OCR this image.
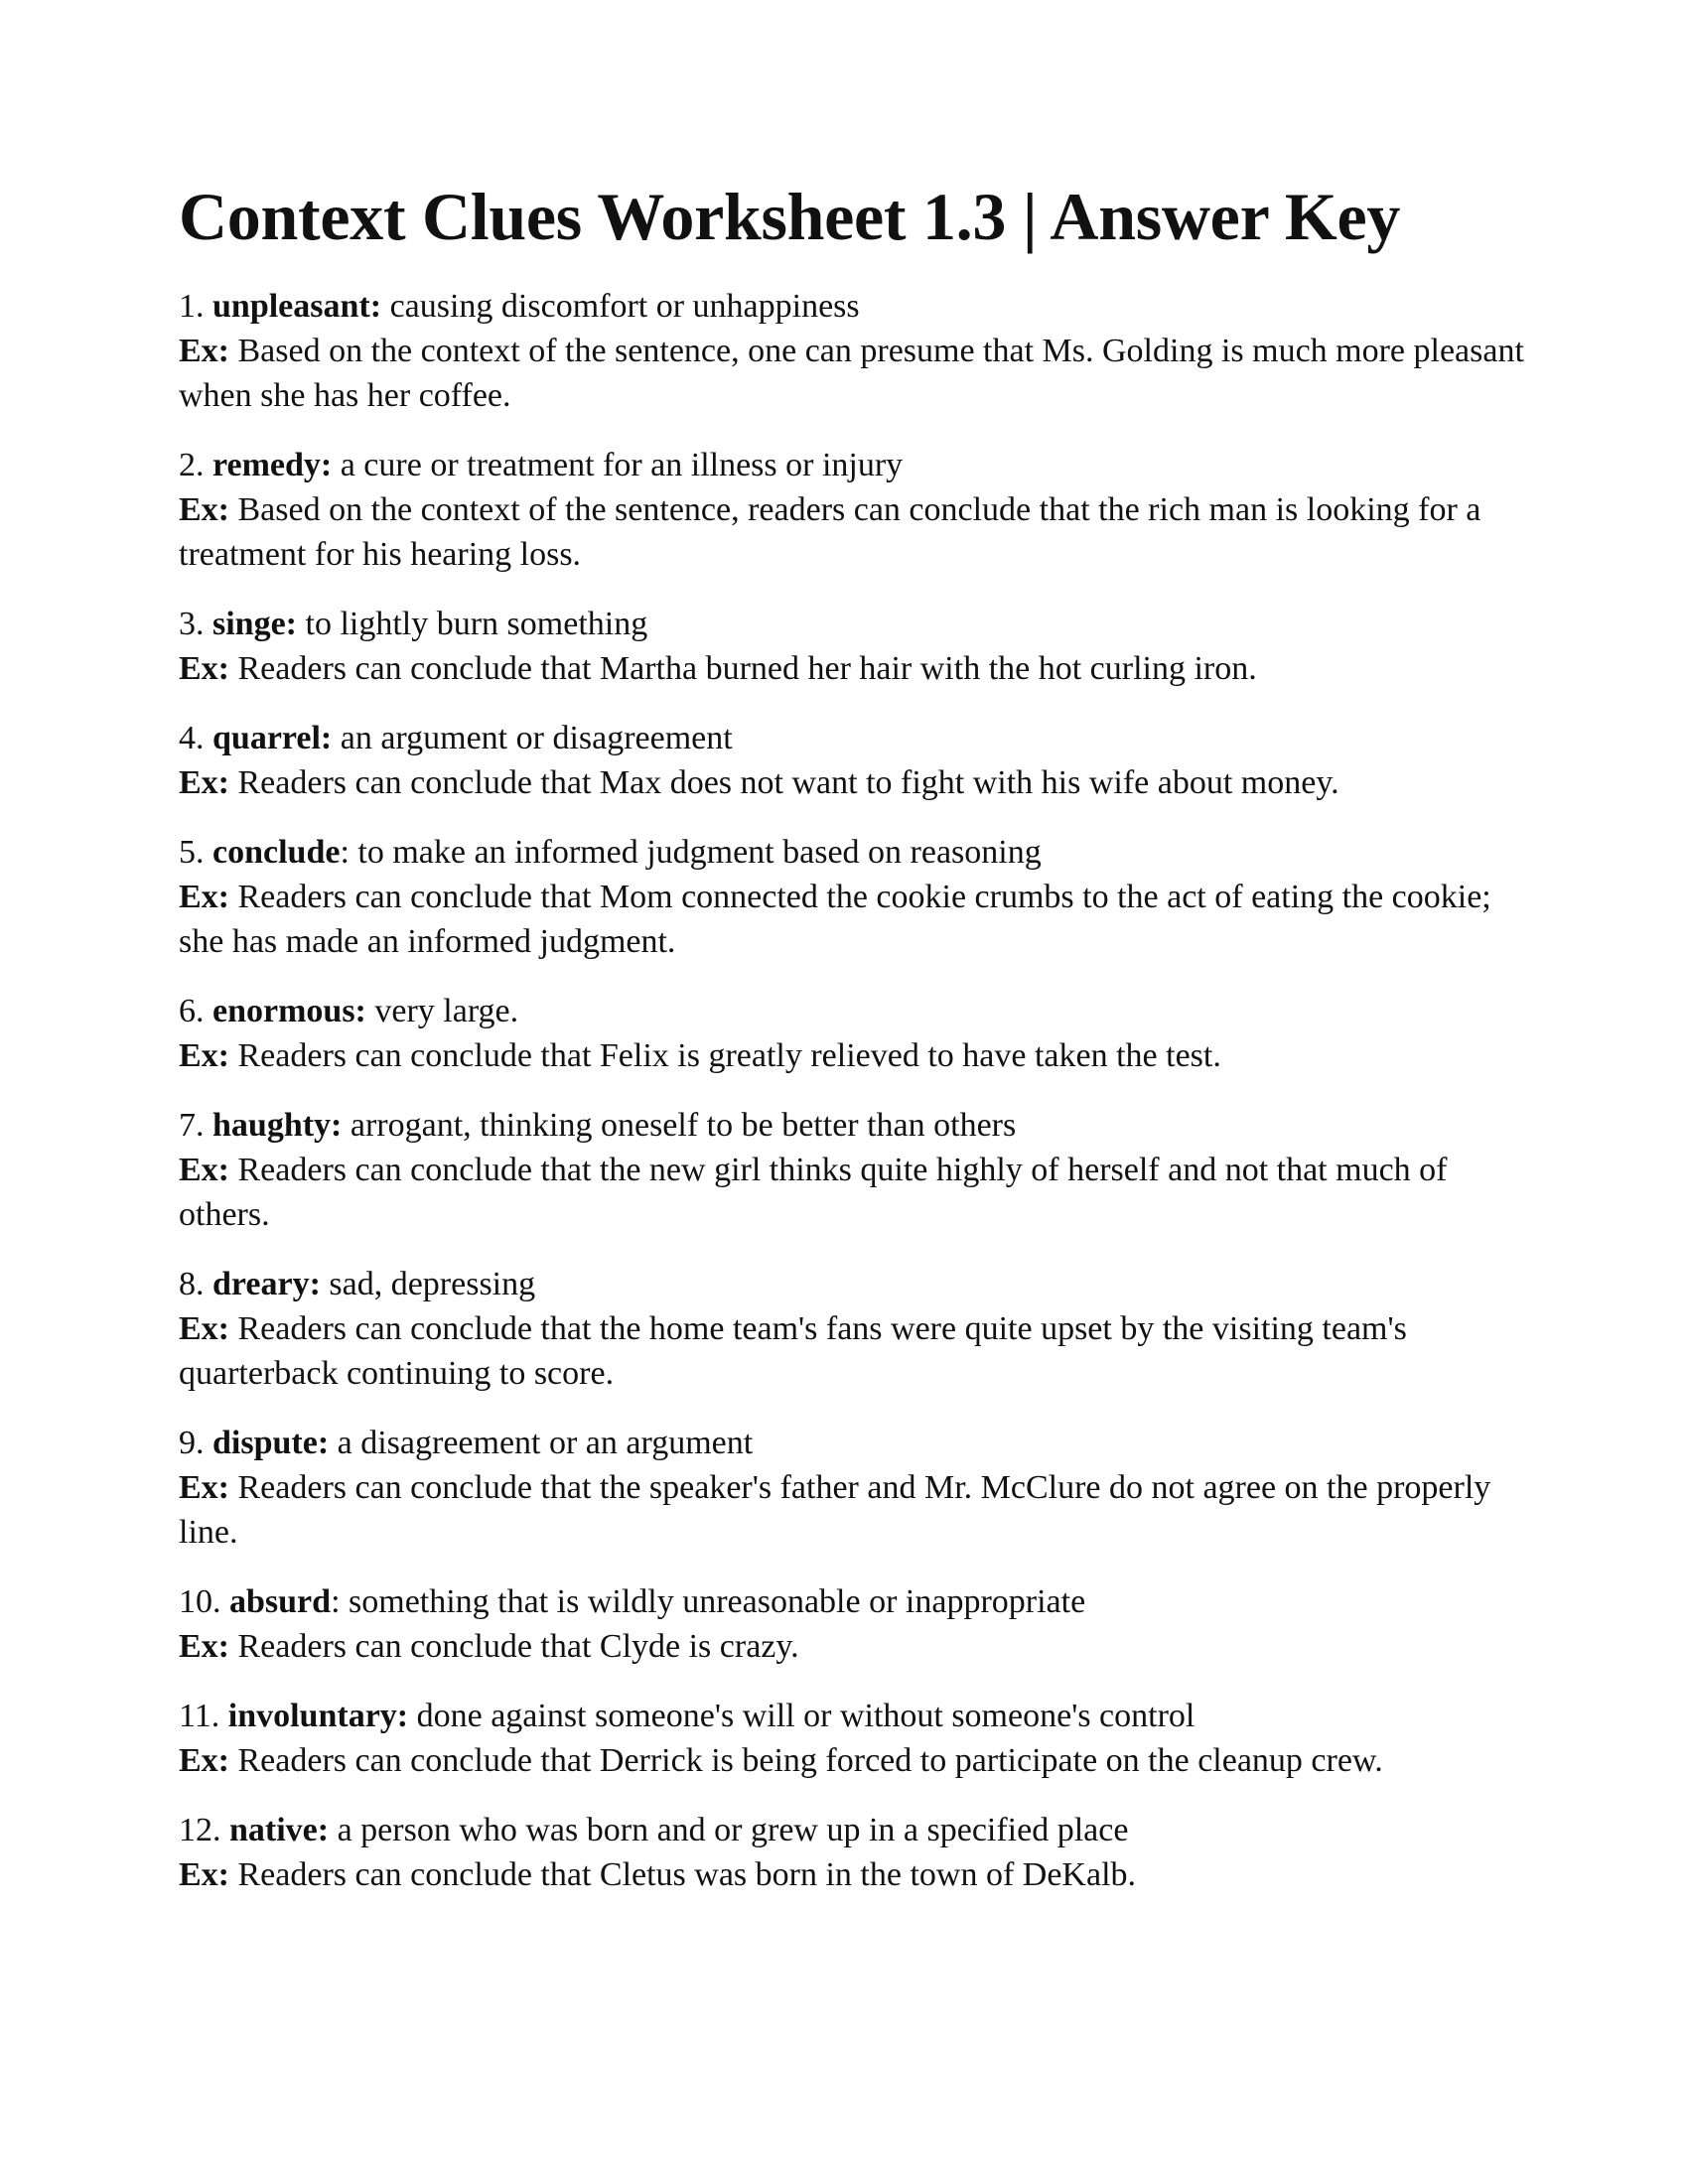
Context Clues Worksheet 1.3 | Answer Key
1. unpleasant: causing discomfort or unhappiness
Ex: Based on the context of the sentence, one can presume that Ms. Golding is much more pleasant when she has her coffee.
2. remedy: a cure or treatment for an illness or injury
Ex: Based on the context of the sentence, readers can conclude that the rich man is looking for a treatment for his hearing loss.
3. singe: to lightly burn something
Ex: Readers can conclude that Martha burned her hair with the hot curling iron.
4. quarrel: an argument or disagreement
Ex: Readers can conclude that Max does not want to fight with his wife about money.
5. conclude: to make an informed judgment based on reasoning
Ex: Readers can conclude that Mom connected the cookie crumbs to the act of eating the cookie; she has made an informed judgment.
6. enormous: very large.
Ex: Readers can conclude that Felix is greatly relieved to have taken the test.
7. haughty: arrogant, thinking oneself to be better than others
Ex: Readers can conclude that the new girl thinks quite highly of herself and not that much of others.
8. dreary: sad, depressing
Ex: Readers can conclude that the home team's fans were quite upset by the visiting team's quarterback continuing to score.
9. dispute: a disagreement or an argument
Ex: Readers can conclude that the speaker's father and Mr. McClure do not agree on the properly line.
10. absurd: something that is wildly unreasonable or inappropriate
Ex: Readers can conclude that Clyde is crazy.
11. involuntary: done against someone's will or without someone's control
Ex: Readers can conclude that Derrick is being forced to participate on the cleanup crew.
12. native: a person who was born and or grew up in a specified place
Ex: Readers can conclude that Cletus was born in the town of DeKalb.
